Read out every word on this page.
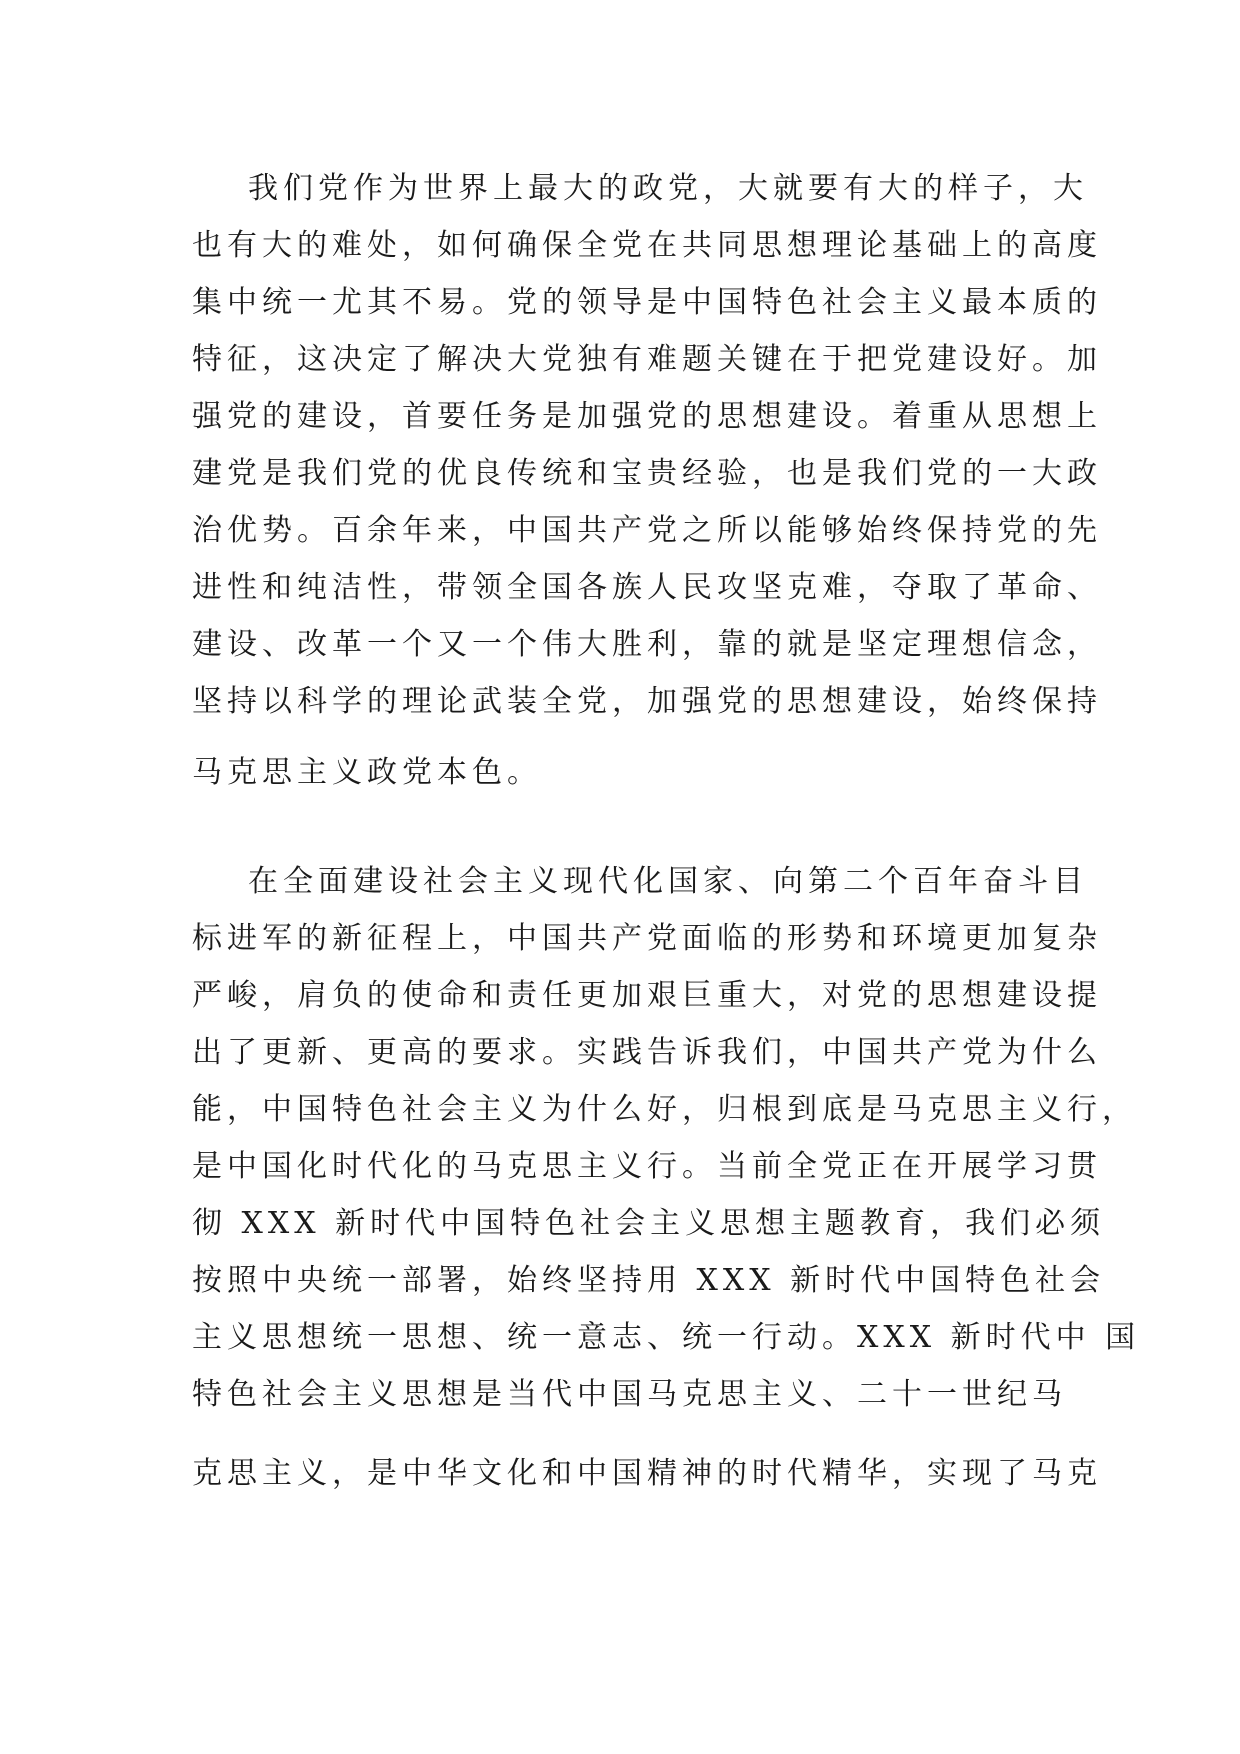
我们党作为世界上最大的政党，大就要有大的样子，大
也有大的难处，如何确保全党在共同思想理论基础上的高度
集中统一尤其不易。党的领导是中国特色社会主义最本质的
特征，这决定了解决大党独有难题关键在于把党建设好。加
强党的建设，首要任务是加强党的思想建设。着重从思想上
建党是我们党的优良传统和宝贵经验，也是我们党的一大政
治优势。百余年来，中国共产党之所以能够始终保持党的先
进性和纯洁性，带领全国各族人民攻坚克难，夺取了革命、
建设、改革一个又一个伟大胜利，靠的就是坚定理想信念，
坚持以科学的理论武装全党，加强党的思想建设，始终保持
马克思主义政党本色。

在全面建设社会主义现代化国家、向第二个百年奋斗目
标进军的新征程上，中国共产党面临的形势和环境更加复杂
严峻，肩负的使命和责任更加艰巨重大，对党的思想建设提
出了更新、更高的要求。实践告诉我们，中国共产党为什么
能，中国特色社会主义为什么好，归根到底是马克思主义行，
是中国化时代化的马克思主义行。当前全党正在开展学习贯
彻 XXX 新时代中国特色社会主义思想主题教育，我们必须
按照中央统一部署，始终坚持用 XXX 新时代中国特色社会
主义思想统一思想、统一意志、统一行动。XXX 新时代中 国
特色社会主义思想是当代中国马克思主义、二十一世纪马
克思主义，是中华文化和中国精神的时代精华，实现了马克
